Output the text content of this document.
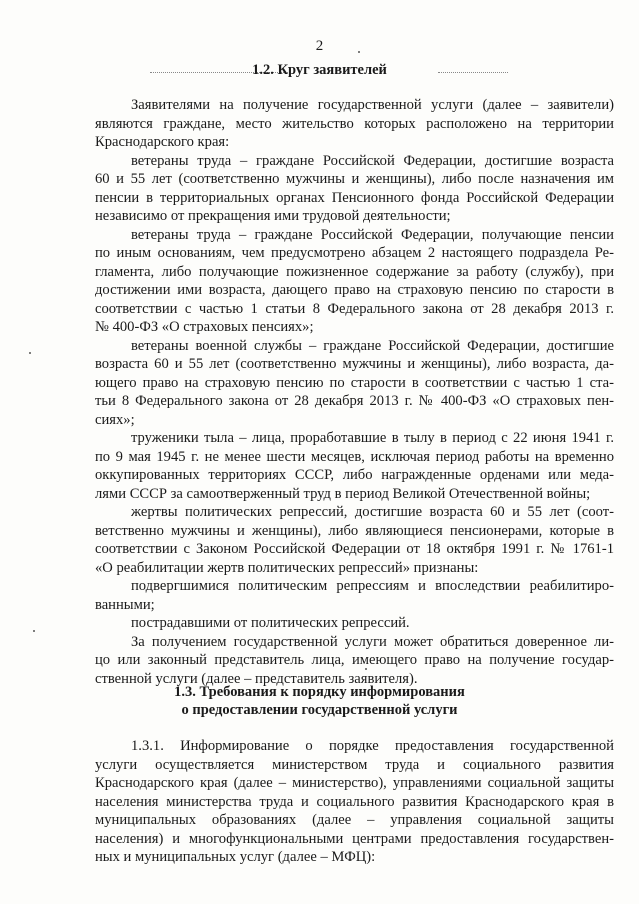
2
1.2. Круг заявителей
Заявителями на получение государственной услуги (далее – заявители)
являются граждане, место жительство которых расположено на территории
Краснодарского края:
ветераны труда – граждане Российской Федерации, достигшие возраста
60 и 55 лет (соответственно мужчины и женщины), либо после назначения им
пенсии в территориальных органах Пенсионного фонда Российской Федерации
независимо от прекращения ими трудовой деятельности;
ветераны труда – граждане Российской Федерации, получающие пенсии
по иным основаниям, чем предусмотрено абзацем 2 настоящего подраздела Ре-
гламента, либо получающие пожизненное содержание за работу (службу), при
достижении ими возраста, дающего право на страховую пенсию по старости в
соответствии с частью 1 статьи 8 Федерального закона от 28 декабря 2013 г.
№ 400-ФЗ «О страховых пенсиях»;
ветераны военной службы – граждане Российской Федерации, достигшие
возраста 60 и 55 лет (соответственно мужчины и женщины), либо возраста, да-
ющего право на страховую пенсию по старости в соответствии с частью 1 ста-
тьи 8 Федерального закона от 28 декабря 2013 г. № 400-ФЗ «О страховых пен-
сиях»;
труженики тыла – лица, проработавшие в тылу в период с 22 июня 1941 г.
по 9 мая 1945 г. не менее шести месяцев, исключая период работы на временно
оккупированных территориях СССР, либо награжденные орденами или меда-
лями СССР за самоотверженный труд в период Великой Отечественной войны;
жертвы политических репрессий, достигшие возраста 60 и 55 лет (соот-
ветственно мужчины и женщины), либо являющиеся пенсионерами, которые в
соответствии с Законом Российской Федерации от 18 октября 1991 г. № 1761-1
«О реабилитации жертв политических репрессий» признаны:
подвергшимися политическим репрессиям и впоследствии реабилитиро-
ванными;
пострадавшими от политических репрессий.
За получением государственной услуги может обратиться доверенное ли-
цо или законный представитель лица, имеющего право на получение государ-
ственной услуги (далее – представитель заявителя).
1.3. Требования к порядку информирования
о предоставлении государственной услуги
1.3.1. Информирование о порядке предоставления государственной
услуги осуществляется министерством труда и социального развития
Краснодарского края (далее – министерство), управлениями социальной защиты
населения министерства труда и социального развития Краснодарского края в
муниципальных образованиях (далее – управления социальной защиты
населения) и многофункциональными центрами предоставления государствен-
ных и муниципальных услуг (далее – МФЦ):
